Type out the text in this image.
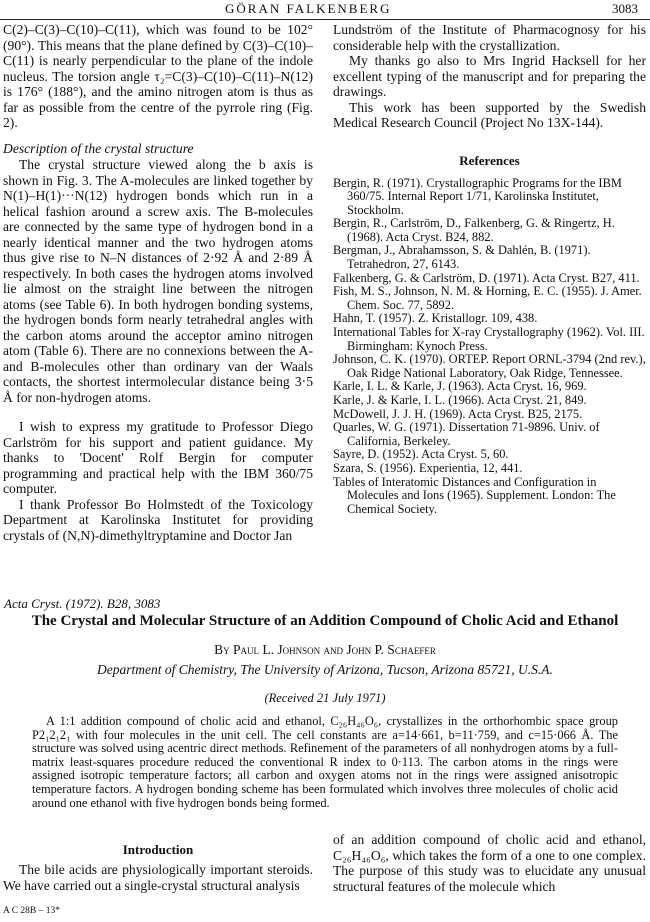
GÖRAN FALKENBERG	3083

C(2)–C(3)–C(10)–C(11), which was found to be 102° (90°). This means that the plane defined by C(3)–C(10)–C(11) is nearly perpendicular to the plane of the indole nucleus. The torsion angle τ₂=C(3)–C(10)–C(11)–N(12) is 176° (188°), and the amino nitrogen atom is thus as far as possible from the centre of the pyrrole ring (Fig. 2).

Description of the crystal structure

The crystal structure viewed along the b axis is shown in Fig. 3. The A-molecules are linked together by N(1)–H(1)···N(12) hydrogen bonds which run in a helical fashion around a screw axis. The B-molecules are connected by the same type of hydrogen bond in a nearly identical manner and the two hydrogen atoms thus give rise to N–N distances of 2·92 Å and 2·89 Å respectively. In both cases the hydrogen atoms involved lie almost on the straight line between the nitrogen atoms (see Table 6). In both hydrogen bonding systems, the hydrogen bonds form nearly tetrahedral angles with the carbon atoms around the acceptor amino nitrogen atom (Table 6). There are no connexions between the A- and B-molecules other than ordinary van der Waals contacts, the shortest intermolecular distance being 3·5 Å for non-hydrogen atoms.

I wish to express my gratitude to Professor Diego Carlström for his support and patient guidance. My thanks to 'Docent' Rolf Bergin for computer programming and practical help with the IBM 360/75 computer.

I thank Professor Bo Holmstedt of the Toxicology Department at Karolinska Institutet for providing crystals of (N,N)-dimethyltryptamine and Doctor Jan

Lundström of the Institute of Pharmacognosy for his considerable help with the crystallization.

My thanks go also to Mrs Ingrid Hacksell for her excellent typing of the manuscript and for preparing the drawings.

This work has been supported by the Swedish Medical Research Council (Project No 13X-144).

References

Bergin, R. (1971). Crystallographic Programs for the IBM 360/75. Internal Report 1/71, Karolinska Institutet, Stockholm.

Bergin, R., Carlström, D., Falkenberg, G. & Ringertz, H. (1968). Acta Cryst. B24, 882.

Bergman, J., Abrahamsson, S. & Dahlén, B. (1971). Tetrahedron, 27, 6143.

Falkenberg, G. & Carlström, D. (1971). Acta Cryst. B27, 411.

Fish, M. S., Johnson, N. M. & Horning, E. C. (1955). J. Amer. Chem. Soc. 77, 5892.

Hahn, T. (1957). Z. Kristallogr. 109, 438.

International Tables for X-ray Crystallography (1962). Vol. III. Birmingham: Kynoch Press.

Johnson, C. K. (1970). ORTEP. Report ORNL-3794 (2nd rev.), Oak Ridge National Laboratory, Oak Ridge, Tennessee.

Karle, I. L. & Karle, J. (1963). Acta Cryst. 16, 969.

Karle, J. & Karle, I. L. (1966). Acta Cryst. 21, 849.

McDowell, J. J. H. (1969). Acta Cryst. B25, 2175.

Quarles, W. G. (1971). Dissertation 71-9896. Univ. of California, Berkeley.

Sayre, D. (1952). Acta Cryst. 5, 60.

Szara, S. (1956). Experientia, 12, 441.

Tables of Interatomic Distances and Configuration in Molecules and Ions (1965). Supplement. London: The Chemical Society.

Acta Cryst. (1972). B28, 3083
The Crystal and Molecular Structure of an Addition Compound of Cholic Acid and Ethanol
By Paul L. Johnson and John P. Schaefer
Department of Chemistry, The University of Arizona, Tucson, Arizona 85721, U.S.A.
(Received 21 July 1971)
A 1:1 addition compound of cholic acid and ethanol, C₂₆H₄₆O₆, crystallizes in the orthorhombic space group P2₁2₁2₁ with four molecules in the unit cell. The cell constants are a=14·661, b=11·759, and c=15·066 Å. The structure was solved using acentric direct methods. Refinement of the parameters of all nonhydrogen atoms by a full-matrix least-squares procedure reduced the conventional R index to 0·113. The carbon atoms in the rings were assigned isotropic temperature factors; all carbon and oxygen atoms not in the rings were assigned anisotropic temperature factors. A hydrogen bonding scheme has been formulated which involves three molecules of cholic acid around one ethanol with five hydrogen bonds being formed.
Introduction
The bile acids are physiologically important steroids. We have carried out a single-crystal structural analysis
of an addition compound of cholic acid and ethanol, C₂₆H₄₆O₆, which takes the form of a one to one complex. The purpose of this study was to elucidate any unusual structural features of the molecule which
A C 28B – 13*
